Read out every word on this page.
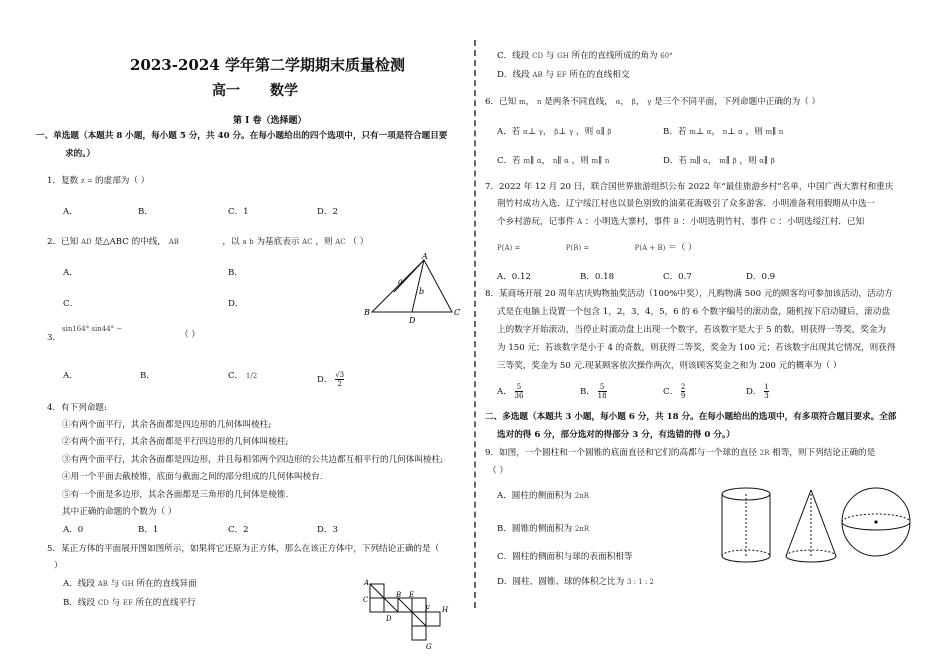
2023-2024 学年第二学期期末质量检测
高一 数学
第 I 卷（选择题）
一、单选题（本题共 8 小题，每小题 5 分，共 40 分。在每小题给出的四个选项中，只有一项是符合题目要
求的。）
1．复数 z = 的虚部为（ ）
A．	B．	C．1	D．2
2．已知 AD 是△ABC 的中线， AB	，以 a b 为基底表示 AC ，则 AC （ ）
A．	B．
C．	D．
A
B
D
C
a
b
sin164° sin44° −
3．	（ ）
A．	B．	C． 1/2	D． $\frac{√3}{2}$
4．有下列命题:
①有两个面平行，其余各面都是四边形的几何体叫棱柱;
②有两个面平行，其余各面都是平行四边形的几何体叫棱柱;
③有两个面平行，其余各面都是四边形，并且每相邻两个四边形的公共边都互相平行的几何体叫棱柱;
④用一个平面去截棱锥，底面与截面之间的部分组成的几何体叫棱台.
⑤有一个面是多边形，其余各面都是三角形的几何体是棱锥.
其中正确的命题的个数为（ ）
A．0	B．1	C．2	D．3
5．某正方体的平面展开图如图所示，如果将它还原为正方体，那么在该正方体中，下列结论正确的是（
）
A．线段 AB 与 GH 所在的直线异面
B．线段 CD 与 EF 所在的直线平行
A
C
B E
D
F H
G
C．线段 CD 与 GH 所在的直线所成的角为 60°
D．线段 AB 与 EF 所在的直线相交
6．已知 m， n 是两条不同直线， α， β， γ 是三个不同平面，下列命题中正确的为（ ）
A．若 α⊥ γ， β⊥ γ ，则 α∥ β	B．若 m⊥ α， n⊥ α ，则 m∥ n
C．若 m∥ α， n∥ α ，则 m∥ n	D．若 m∥ α， m∥ β ，则 α∥ β
7．2022 年 12 月 20 日，联合国世界旅游组织公布 2022 年“最佳旅游乡村”名单，中国广西大寨村和重庆
荆竹村成功入选．辽宁绥江村也以景色别致的油菜花海吸引了众多游客．小明准备利用假期从中选一
个乡村游玩，记事件 A ：小明选大寨村，事件 B ：小明选荆竹村，事件 C ：小明选绥江村．已知
P(A) =	P(B) =	P(A + B) ＝（ ）
A．0.12	B．0.18	C．0.7	D．0.9
8．某商场开展 20 周年店庆购物抽奖活动（100%中奖），凡购物满 500 元的顾客均可参加该活动，活动方
式是在电脑上设置一个包含 1，2，3，4，5，6 的 6 个数字编号的滚动盘，随机按下启动键后，滚动盘
上的数字开始滚动，当停止时滚动盘上出现一个数字，若该数字是大于 5 的数，则获得一等奖，奖金为
为 150 元；若该数字是小于 4 的奇数，则获得二等奖，奖金为 100 元；若该数字出现其它情况，则获得
三等奖，奖金为 50 元.现某顾客依次操作两次，则该顾客奖金之和为 200 元的概率为（ ）
A． $\frac{5}{36}$	B． $\frac{5}{18}$	C． $\frac{2}{9}$	D． $\frac{1}{3}$
二、多选题（本题共 3 小题，每小题 6 分，共 18 分。在每小题给出的选项中，有多项符合题目要求。全部
选对的得 6 分，部分选对的得部分 3 分，有选错的得 0 分。）
9．如图，一个圆柱和一个圆锥的底面直径和它们的高都与一个球的直径 2R 相等，则下列结论正确的是
（ ）
A．圆柱的侧面积为 2πR
B．圆锥的侧面积为 2πR
C．圆柱的侧面积与球的表面积相等
D．圆柱、圆锥、球的体积之比为 3 : 1 : 2
